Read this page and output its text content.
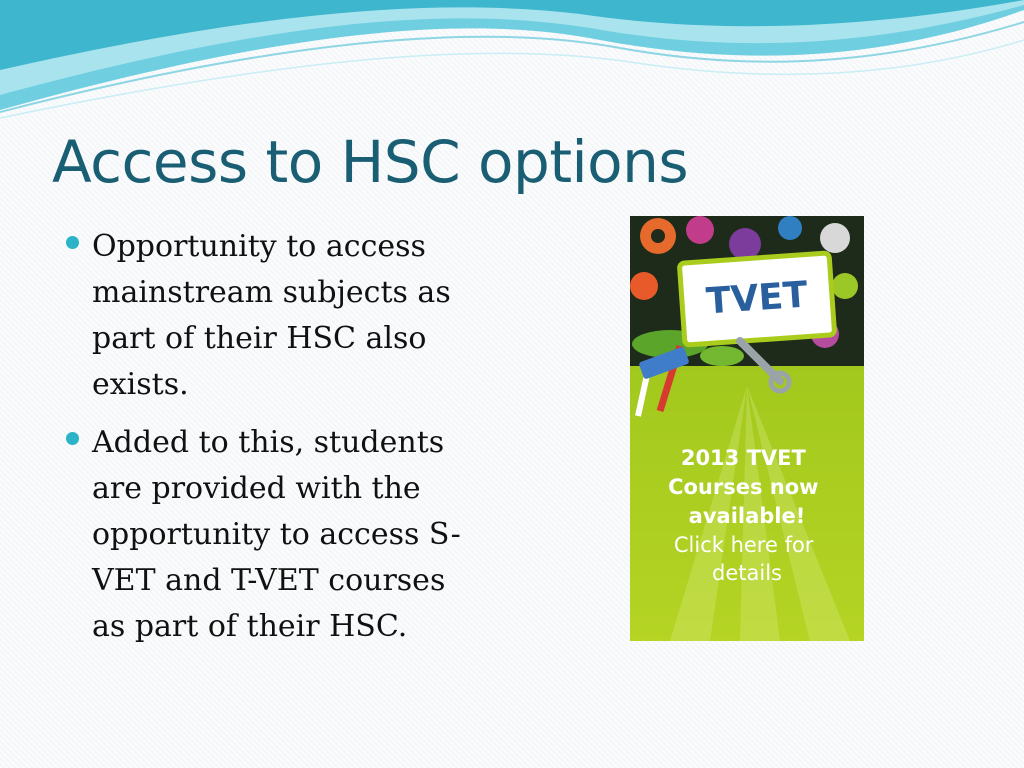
Access to HSC options
Opportunity to access
mainstream subjects as
part of their HSC also
exists.
Added to this, students
are provided with the
opportunity to access S-
VET and T-VET courses
as part of their HSC.
TVET
2013 TVET Courses now available!
Click here for details
